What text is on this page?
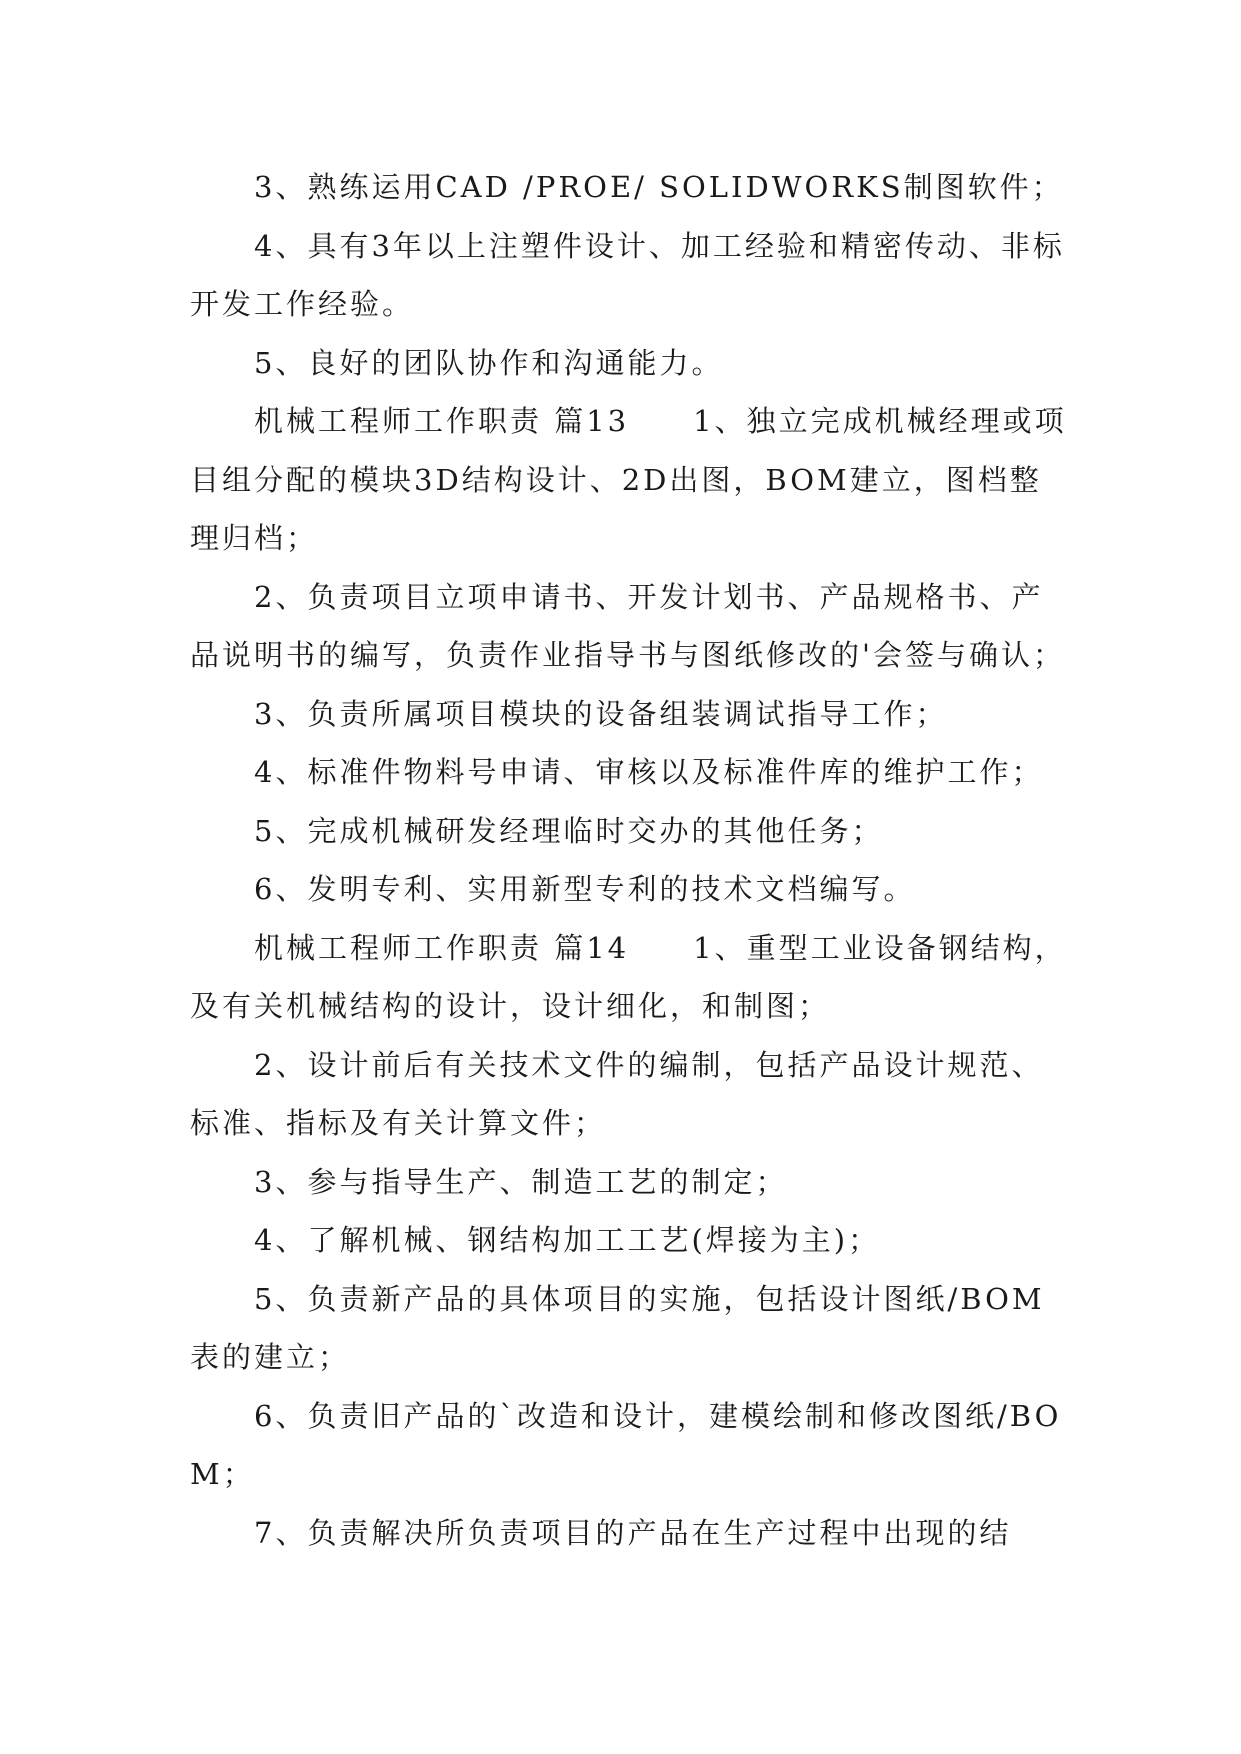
3、熟练运用CAD /PROE/ SOLIDWORKS制图软件；

4、具有3年以上注塑件设计、加工经验和精密传动、非标开发工作经验。

5、良好的团队协作和沟通能力。

机械工程师工作职责 篇13　　1、独立完成机械经理或项目组分配的模块3D结构设计、2D出图，BOM建立，图档整理归档；

2、负责项目立项申请书、开发计划书、产品规格书、产品说明书的编写，负责作业指导书与图纸修改的'会签与确认；

3、负责所属项目模块的设备组装调试指导工作；

4、标准件物料号申请、审核以及标准件库的维护工作；

5、完成机械研发经理临时交办的其他任务；

6、发明专利、实用新型专利的技术文档编写。

机械工程师工作职责 篇14　　1、重型工业设备钢结构，及有关机械结构的设计，设计细化，和制图；

2、设计前后有关技术文件的编制，包括产品设计规范、标准、指标及有关计算文件；

3、参与指导生产、制造工艺的制定；

4、了解机械、钢结构加工工艺(焊接为主)；

5、负责新产品的具体项目的实施，包括设计图纸/BOM表的建立；

6、负责旧产品的`改造和设计，建模绘制和修改图纸/BOM；

7、负责解决所负责项目的产品在生产过程中出现的结
